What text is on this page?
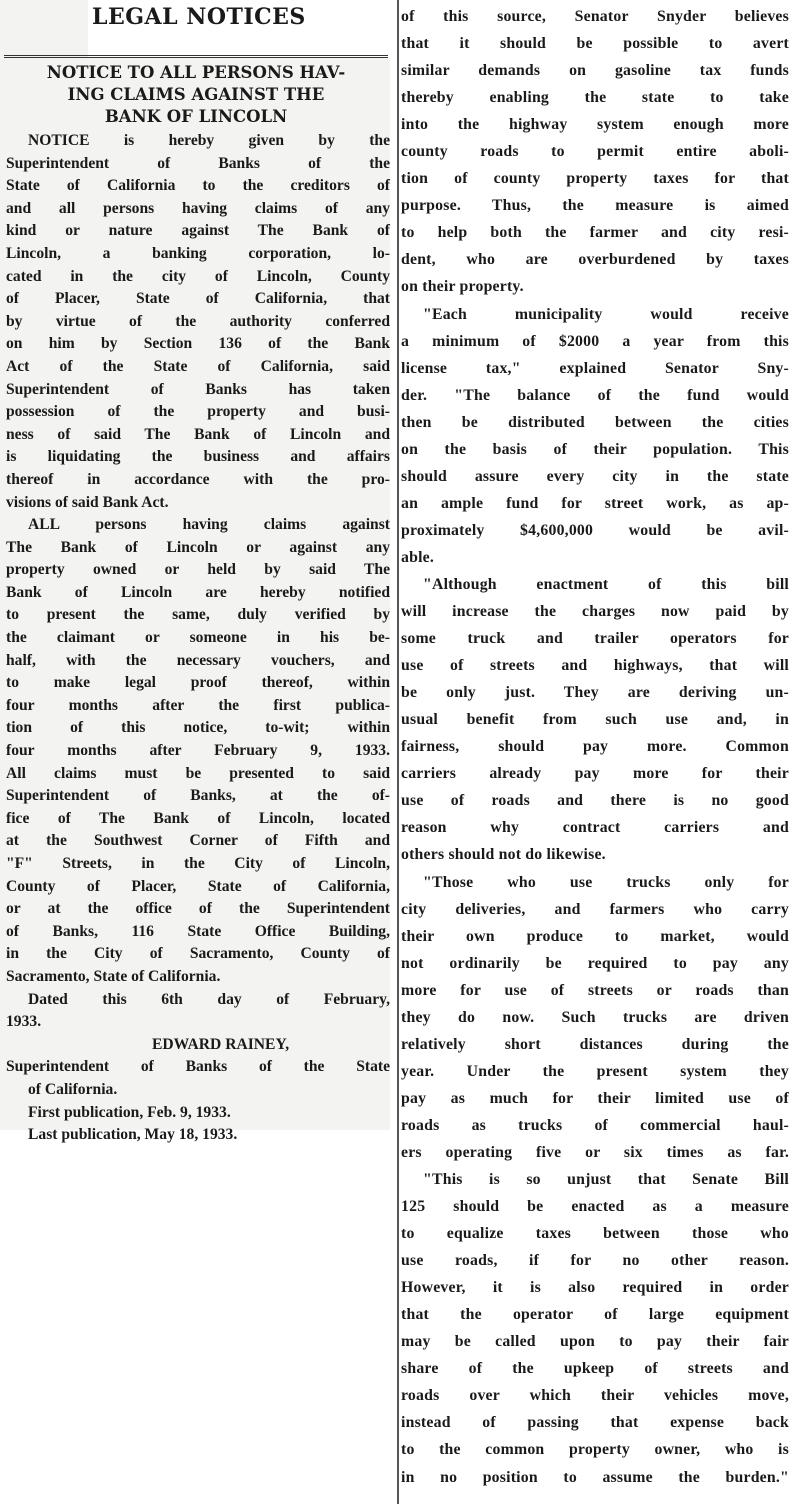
LEGAL NOTICES
NOTICE TO ALL PERSONS HAV-
ING CLAIMS AGAINST THE
BANK OF LINCOLN
NOTICE is hereby given by the
Superintendent of Banks of the
State of California to the creditors of
and all persons having claims of any
kind or nature against The Bank of
Lincoln, a banking corporation, lo-
cated in the city of Lincoln, County
of Placer, State of California, that
by virtue of the authority conferred
on him by Section 136 of the Bank
Act of the State of California, said
Superintendent of Banks has taken
possession of the property and busi-
ness of said The Bank of Lincoln and
is liquidating the business and affairs
thereof in accordance with the pro-
visions of said Bank Act.
ALL persons having claims against
The Bank of Lincoln or against any
property owned or held by said The
Bank of Lincoln are hereby notified
to present the same, duly verified by
the claimant or someone in his be-
half, with the necessary vouchers, and
to make legal proof thereof, within
four months after the first publica-
tion of this notice, to-wit; within
four months after February 9, 1933.
All claims must be presented to said
Superintendent of Banks, at the of-
fice of The Bank of Lincoln, located
at the Southwest Corner of Fifth and
"F" Streets, in the City of Lincoln,
County of Placer, State of California,
or at the office of the Superintendent
of Banks, 116 State Office Building,
in the City of Sacramento, County of
Sacramento, State of California.
Dated this 6th day of February,
1933.
EDWARD RAINEY,
Superintendent of Banks of the State
of California.
First publication, Feb. 9, 1933.
Last publication, May 18, 1933.
of this source, Senator Snyder believes
that it should be possible to avert
similar demands on gasoline tax funds
thereby enabling the state to take
into the highway system enough more
county roads to permit entire aboli-
tion of county property taxes for that
purpose. Thus, the measure is aimed
to help both the farmer and city resi-
dent, who are overburdened by taxes
on their property.
"Each municipality would receive
a minimum of $2000 a year from this
license tax," explained Senator Sny-
der. "The balance of the fund would
then be distributed between the cities
on the basis of their population. This
should assure every city in the state
an ample fund for street work, as ap-
proximately $4,600,000 would be avil-
able.
"Although enactment of this bill
will increase the charges now paid by
some truck and trailer operators for
use of streets and highways, that will
be only just. They are deriving un-
usual benefit from such use and, in
fairness, should pay more. Common
carriers already pay more for their
use of roads and there is no good
reason why contract carriers and
others should not do likewise.
"Those who use trucks only for
city deliveries, and farmers who carry
their own produce to market, would
not ordinarily be required to pay any
more for use of streets or roads than
they do now. Such trucks are driven
relatively short distances during the
year. Under the present system they
pay as much for their limited use of
roads as trucks of commercial haul-
ers operating five or six times as far.
"This is so unjust that Senate Bill
125 should be enacted as a measure
to equalize taxes between those who
use roads, if for no other reason.
However, it is also required in order
that the operator of large equipment
may be called upon to pay their fair
share of the upkeep of streets and
roads over which their vehicles move,
instead of passing that expense back
to the common property owner, who is
in no position to assume the burden."
